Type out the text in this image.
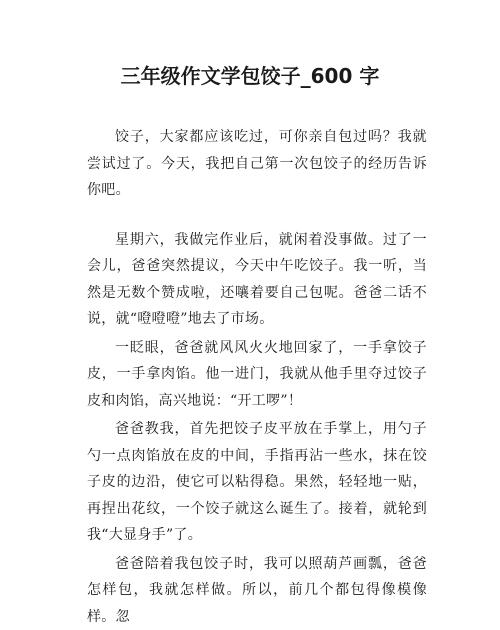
三年级作文学包饺子_600 字

饺子，大家都应该吃过，可你亲自包过吗？我就尝试过了。今天，我把自己第一次包饺子的经历告诉你吧。

星期六，我做完作业后，就闲着没事做。过了一会儿，爸爸突然提议，今天中午吃饺子。我一听，当然是无数个赞成啦，还嚷着要自己包呢。爸爸二话不说，就“噔噔噔”地去了市场。

一眨眼，爸爸就风风火火地回家了，一手拿饺子皮，一手拿肉馅。他一进门，我就从他手里夺过饺子皮和肉馅，高兴地说：“开工啰”！

爸爸教我，首先把饺子皮平放在手掌上，用勺子勺一点肉馅放在皮的中间，手指再沾一些水，抹在饺子皮的边沿，使它可以粘得稳。果然，轻轻地一贴，再捏出花纹，一个饺子就这么诞生了。接着，就轮到我“大显身手”了。

爸爸陪着我包饺子时，我可以照葫芦画瓢，爸爸怎样包，我就怎样做。所以，前几个都包得像模像样。忽
